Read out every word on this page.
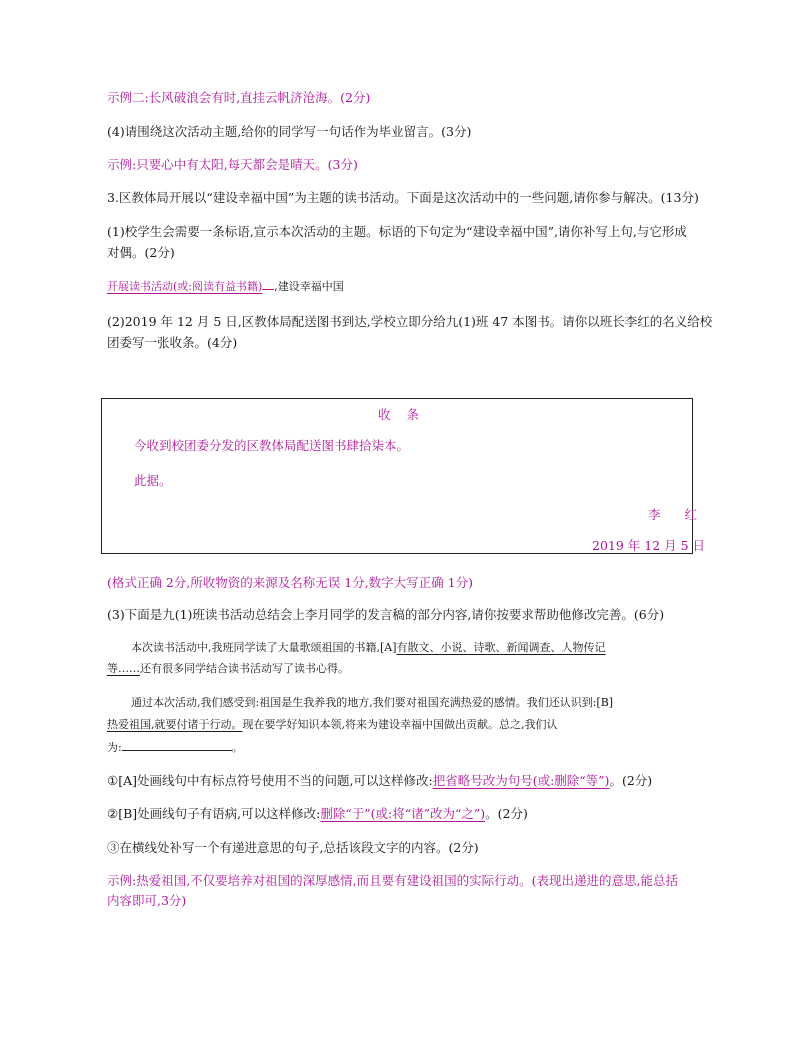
示例二:长风破浪会有时,直挂云帆济沧海。(2分)
(4)请围绕这次活动主题,给你的同学写一句话作为毕业留言。(3分)
示例:只要心中有太阳,每天都会是晴天。(3分)
3.区教体局开展以“建设幸福中国”为主题的读书活动。下面是这次活动中的一些问题,请你参与解决。(13分)
(1)校学生会需要一条标语,宣示本次活动的主题。标语的下句定为“建设幸福中国”,请你补写上句,与它形成
对偶。(2分)
开展读书活动(或:阅读有益书籍) ,建设幸福中国
(2)2019 年 12 月 5 日,区教体局配送图书到达,学校立即分给九(1)班 47 本图书。请你以班长李红的名义给校
团委写一张收条。(4分)
收 条
今收到校团委分发的区教体局配送图书肆拾柒本。
此据。
李 红
2019 年 12 月 5 日
(格式正确 2分,所收物资的来源及名称无误 1分,数字大写正确 1分)
(3)下面是九(1)班读书活动总结会上李月同学的发言稿的部分内容,请你按要求帮助他修改完善。(6分)
本次读书活动中,我班同学读了大量歌颂祖国的书籍,[A]有散文、小说、诗歌、新闻调查、人物传记
等……还有很多同学结合读书活动写了读书心得。
通过本次活动,我们感受到:祖国是生我养我的地方,我们要对祖国充满热爱的感情。我们还认识到:[B]
热爱祖国,就要付诸于行动。现在要学好知识本领,将来为建设幸福中国做出贡献。总之,我们认
为:	。
①[A]处画线句中有标点符号使用不当的问题,可以这样修改:把省略号改为句号(或:删除“等”)。(2分)
②[B]处画线句子有语病,可以这样修改:删除“于”(或:将“诸”改为“之”)。(2分)
③在横线处补写一个有递进意思的句子,总括该段文字的内容。(2分)
示例:热爱祖国,不仅要培养对祖国的深厚感情,而且要有建设祖国的实际行动。(表现出递进的意思,能总括
内容即可,3分)
